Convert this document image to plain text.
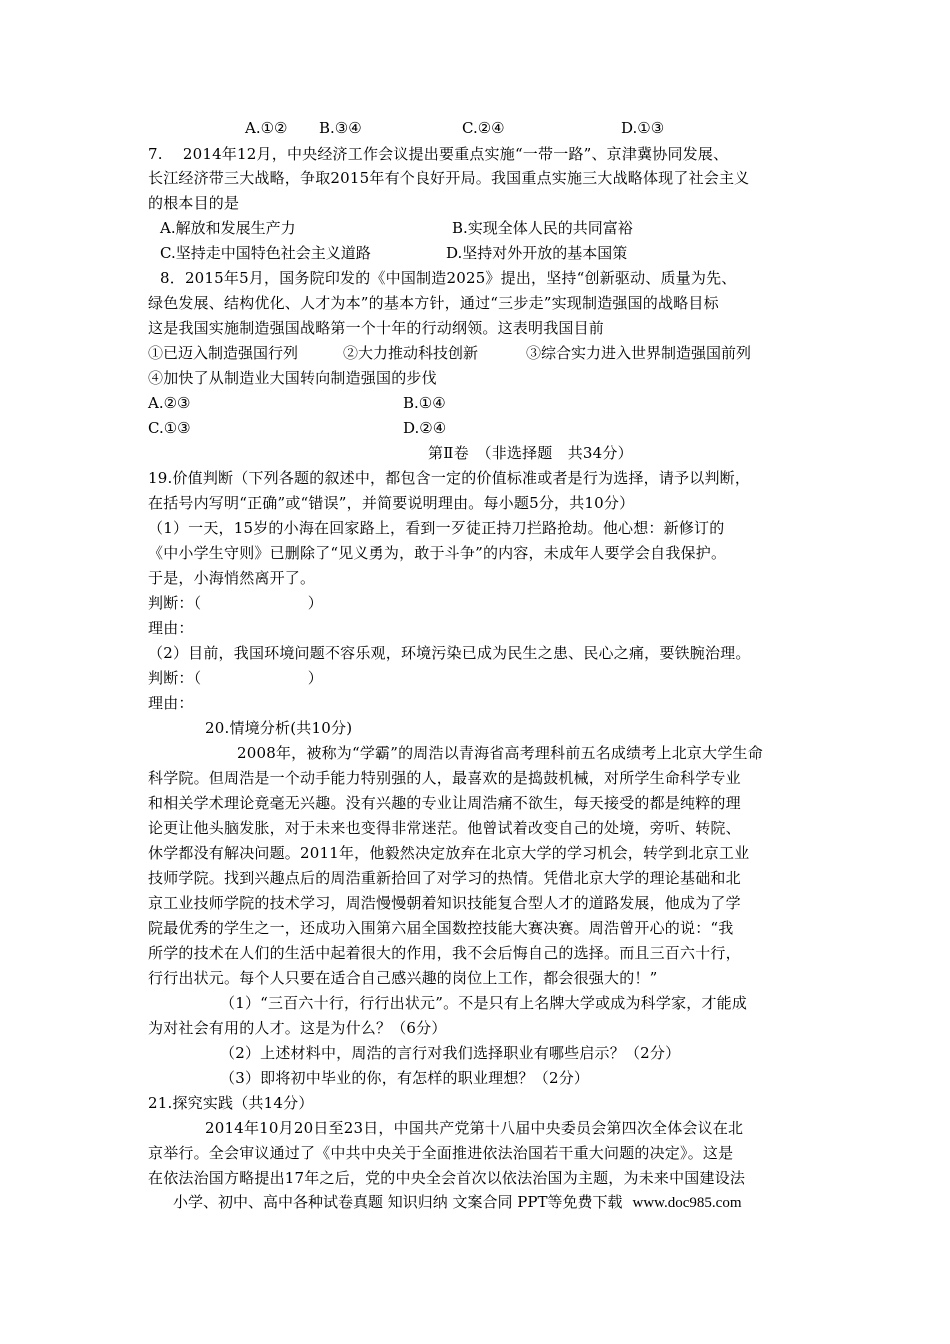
A.①② B.③④	C.②④	D.①③
7.　 2014年12月，中央经济工作会议提出要重点实施“一带一路”、京津冀协同发展、
长江经济带三大战略，争取2015年有个良好开局。我国重点实施三大战略体现了社会主义
的根本目的是
A.解放和发展生产力	B.实现全体人民的共同富裕
C.坚持走中国特色社会主义道路	D.坚持对外开放的基本国策
8．2015年5月，国务院印发的《中国制造2025》提出，坚持“创新驱动、质量为先、
绿色发展、结构优化、人才为本”的基本方针，通过“三步走”实现制造强国的战略目标
这是我国实施制造强国战略第一个十年的行动纲领。这表明我国目前
①已迈入制造强国行列	②大力推动科技创新	③综合实力进入世界制造强国前列
④加快了从制造业大国转向制造强国的步伐
A.②③	B.①④
C.①③	D.②④
第Ⅱ卷　（非选择题　共34分）
19.价值判断（下列各题的叙述中，都包含一定的价值标准或者是行为选择，请予以判断，
在括号内写明“正确”或“错误”，并简要说明理由。每小题5分，共10分）
（1）一天，15岁的小海在回家路上，看到一歹徒正持刀拦路抢劫。他心想：新修订的
《中小学生守则》已删除了“见义勇为，敢于斗争”的内容，未成年人要学会自我保护。
于是，小海悄然离开了。
判断：（　　　　　　　）
理由：
（2）目前，我国环境问题不容乐观，环境污染已成为民生之患、民心之痛，要铁腕治理。
判断：（　　　　　　　）
理由：
20.情境分析(共10分)
2008年，被称为“学霸”的周浩以青海省高考理科前五名成绩考上北京大学生命
科学院。但周浩是一个动手能力特别强的人，最喜欢的是捣鼓机械，对所学生命科学专业
和相关学术理论竟毫无兴趣。没有兴趣的专业让周浩痛不欲生，每天接受的都是纯粹的理
论更让他头脑发胀，对于未来也变得非常迷茫。他曾试着改变自己的处境，旁听、转院、
休学都没有解决问题。2011年，他毅然决定放弃在北京大学的学习机会，转学到北京工业
技师学院。找到兴趣点后的周浩重新拾回了对学习的热情。凭借北京大学的理论基础和北
京工业技师学院的技术学习，周浩慢慢朝着知识技能复合型人才的道路发展，他成为了学
院最优秀的学生之一，还成功入围第六届全国数控技能大赛决赛。周浩曾开心的说：“我
所学的技术在人们的生活中起着很大的作用，我不会后悔自己的选择。而且三百六十行，
行行出状元。每个人只要在适合自己感兴趣的岗位上工作，都会很强大的！”
（1）“三百六十行，行行出状元”。不是只有上名牌大学或成为科学家，才能成
为对社会有用的人才。这是为什么？（6分）
（2）上述材料中，周浩的言行对我们选择职业有哪些启示？（2分）
（3）即将初中毕业的你，有怎样的职业理想？（2分）
21.探究实践（共14分）
2014年10月20日至23日，中国共产党第十八届中央委员会第四次全体会议在北
京举行。全会审议通过了《中共中央关于全面推进依法治国若干重大问题的决定》。这是
在依法治国方略提出17年之后，党的中央全会首次以依法治国为主题，为未来中国建设法
小学、初中、高中各种试卷真题 知识归纳 文案合同 PPT等免费下载 www.doc985.com
